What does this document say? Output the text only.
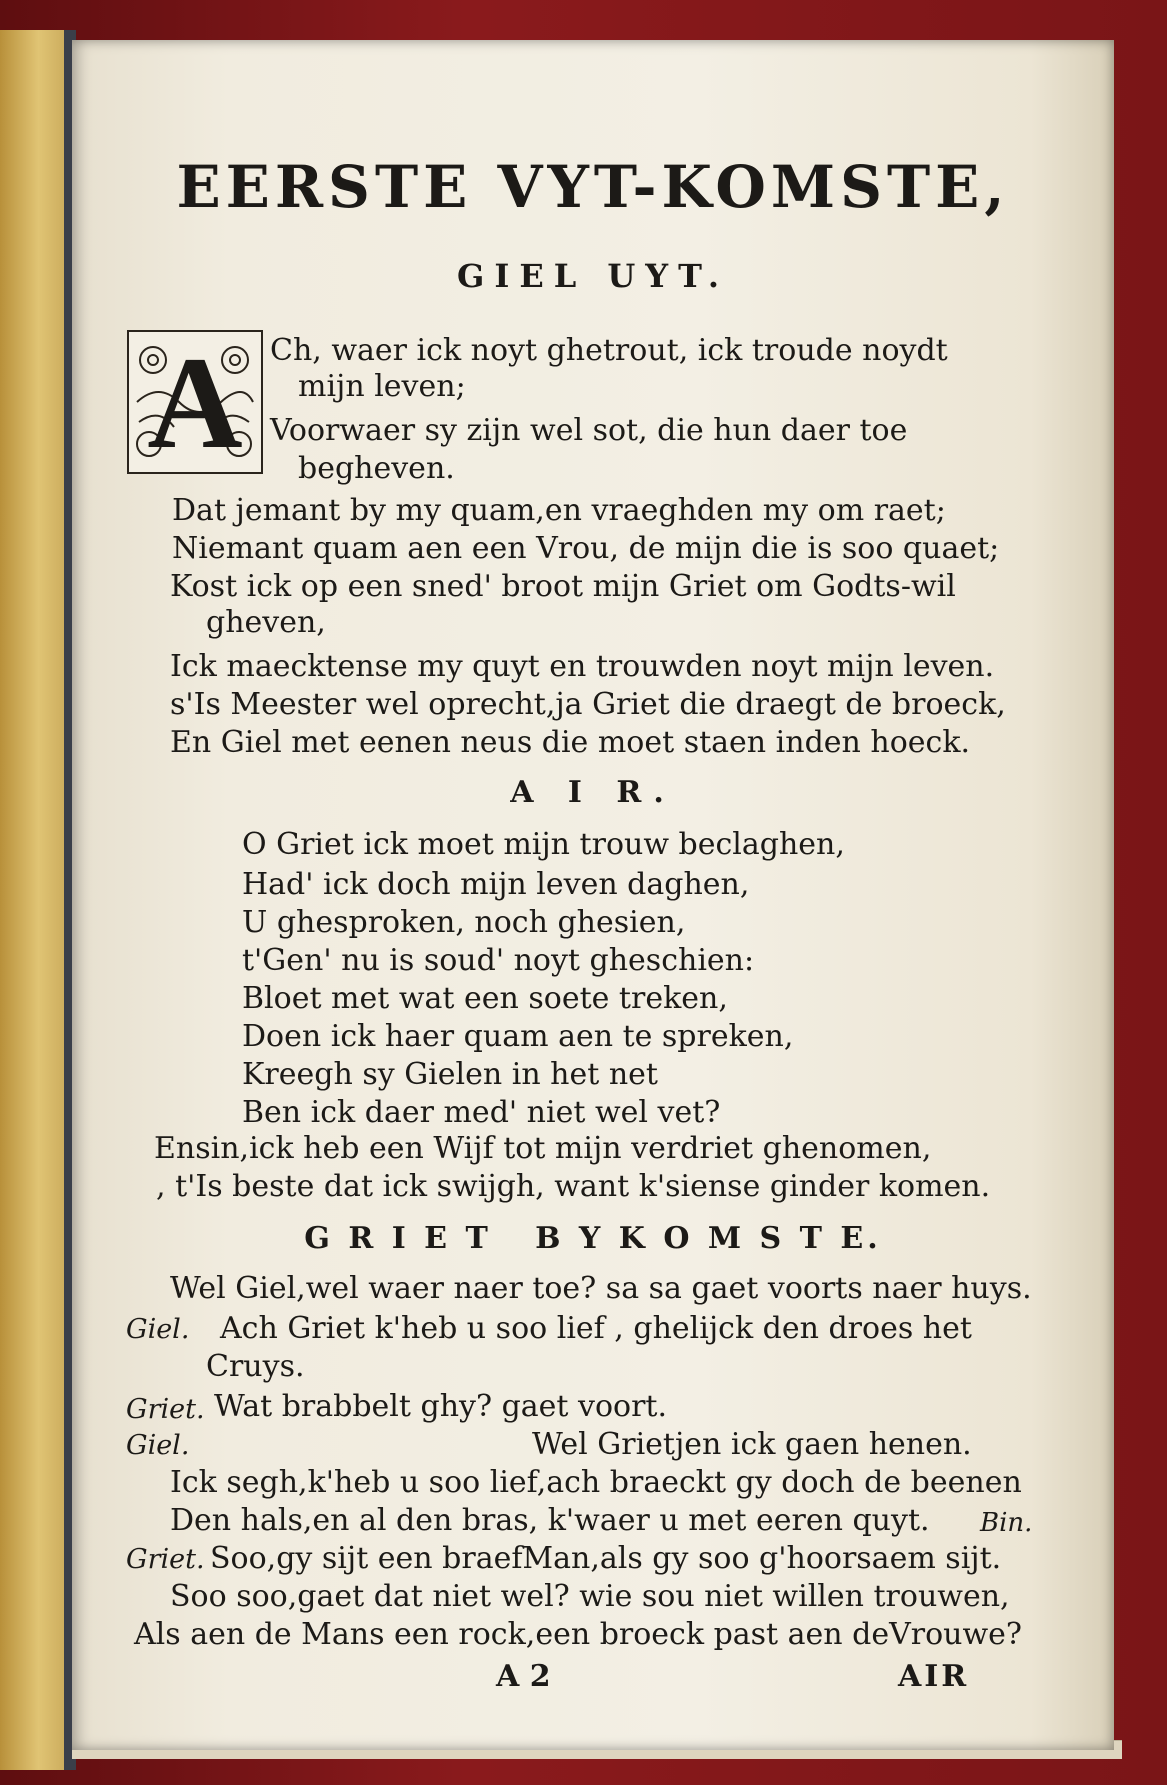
EERSTE VYT-KOMSTE,
GIEL UYT.
A Ch, waer ick noyt ghetrout, ick troude noydt
mijn leven;
Voorwaer sy zijn wel sot, die hun daer toe
begheven.
Dat jemant by my quam,en vraeghden my om raet;
Niemant quam aen een Vrou, de mijn die is soo quaet;
Kost ick op een sned' broot mijn Griet om Godts-wil
gheven,
Ick maecktense my quyt en trouwden noyt mijn leven.
s'Is Meester wel oprecht,ja Griet die draegt de broeck,
En Giel met eenen neus die moet staen inden hoeck.
A I R.
O Griet ick moet mijn trouw beclaghen,
Had' ick doch mijn leven daghen,
U ghesproken, noch ghesien,
t'Gen' nu is soud' noyt gheschien:
Bloet met wat een soete treken,
Doen ick haer quam aen te spreken,
Kreegh sy Gielen in het net
Ben ick daer med' niet wel vet?
Ensin,ick heb een Wijf tot mijn verdriet ghenomen,
, t'Is beste dat ick swijgh, want k'siense ginder komen.
G R I E T   B Y K O M S T E.
Wel Giel,wel waer naer toe? sa sa gaet voorts naer huys.
Giel. Ach Griet k'heb u soo lief , ghelijck den droes het
Cruys.
Griet. Wat brabbelt ghy? gaet voort.
Giel.	Wel Grietjen ick gaen henen.
Ick segh,k'heb u soo lief,ach braeckt gy doch de beenen
Den hals,en al den bras, k'waer u met eeren quyt. Bin.
Griet. Soo,gy sijt een braefMan,als gy soo g'hoorsaem sijt.
Soo soo,gaet dat niet wel? wie sou niet willen trouwen,
Als aen de Mans een rock,een broeck past aen deVrouwe?
A 2	AIR
